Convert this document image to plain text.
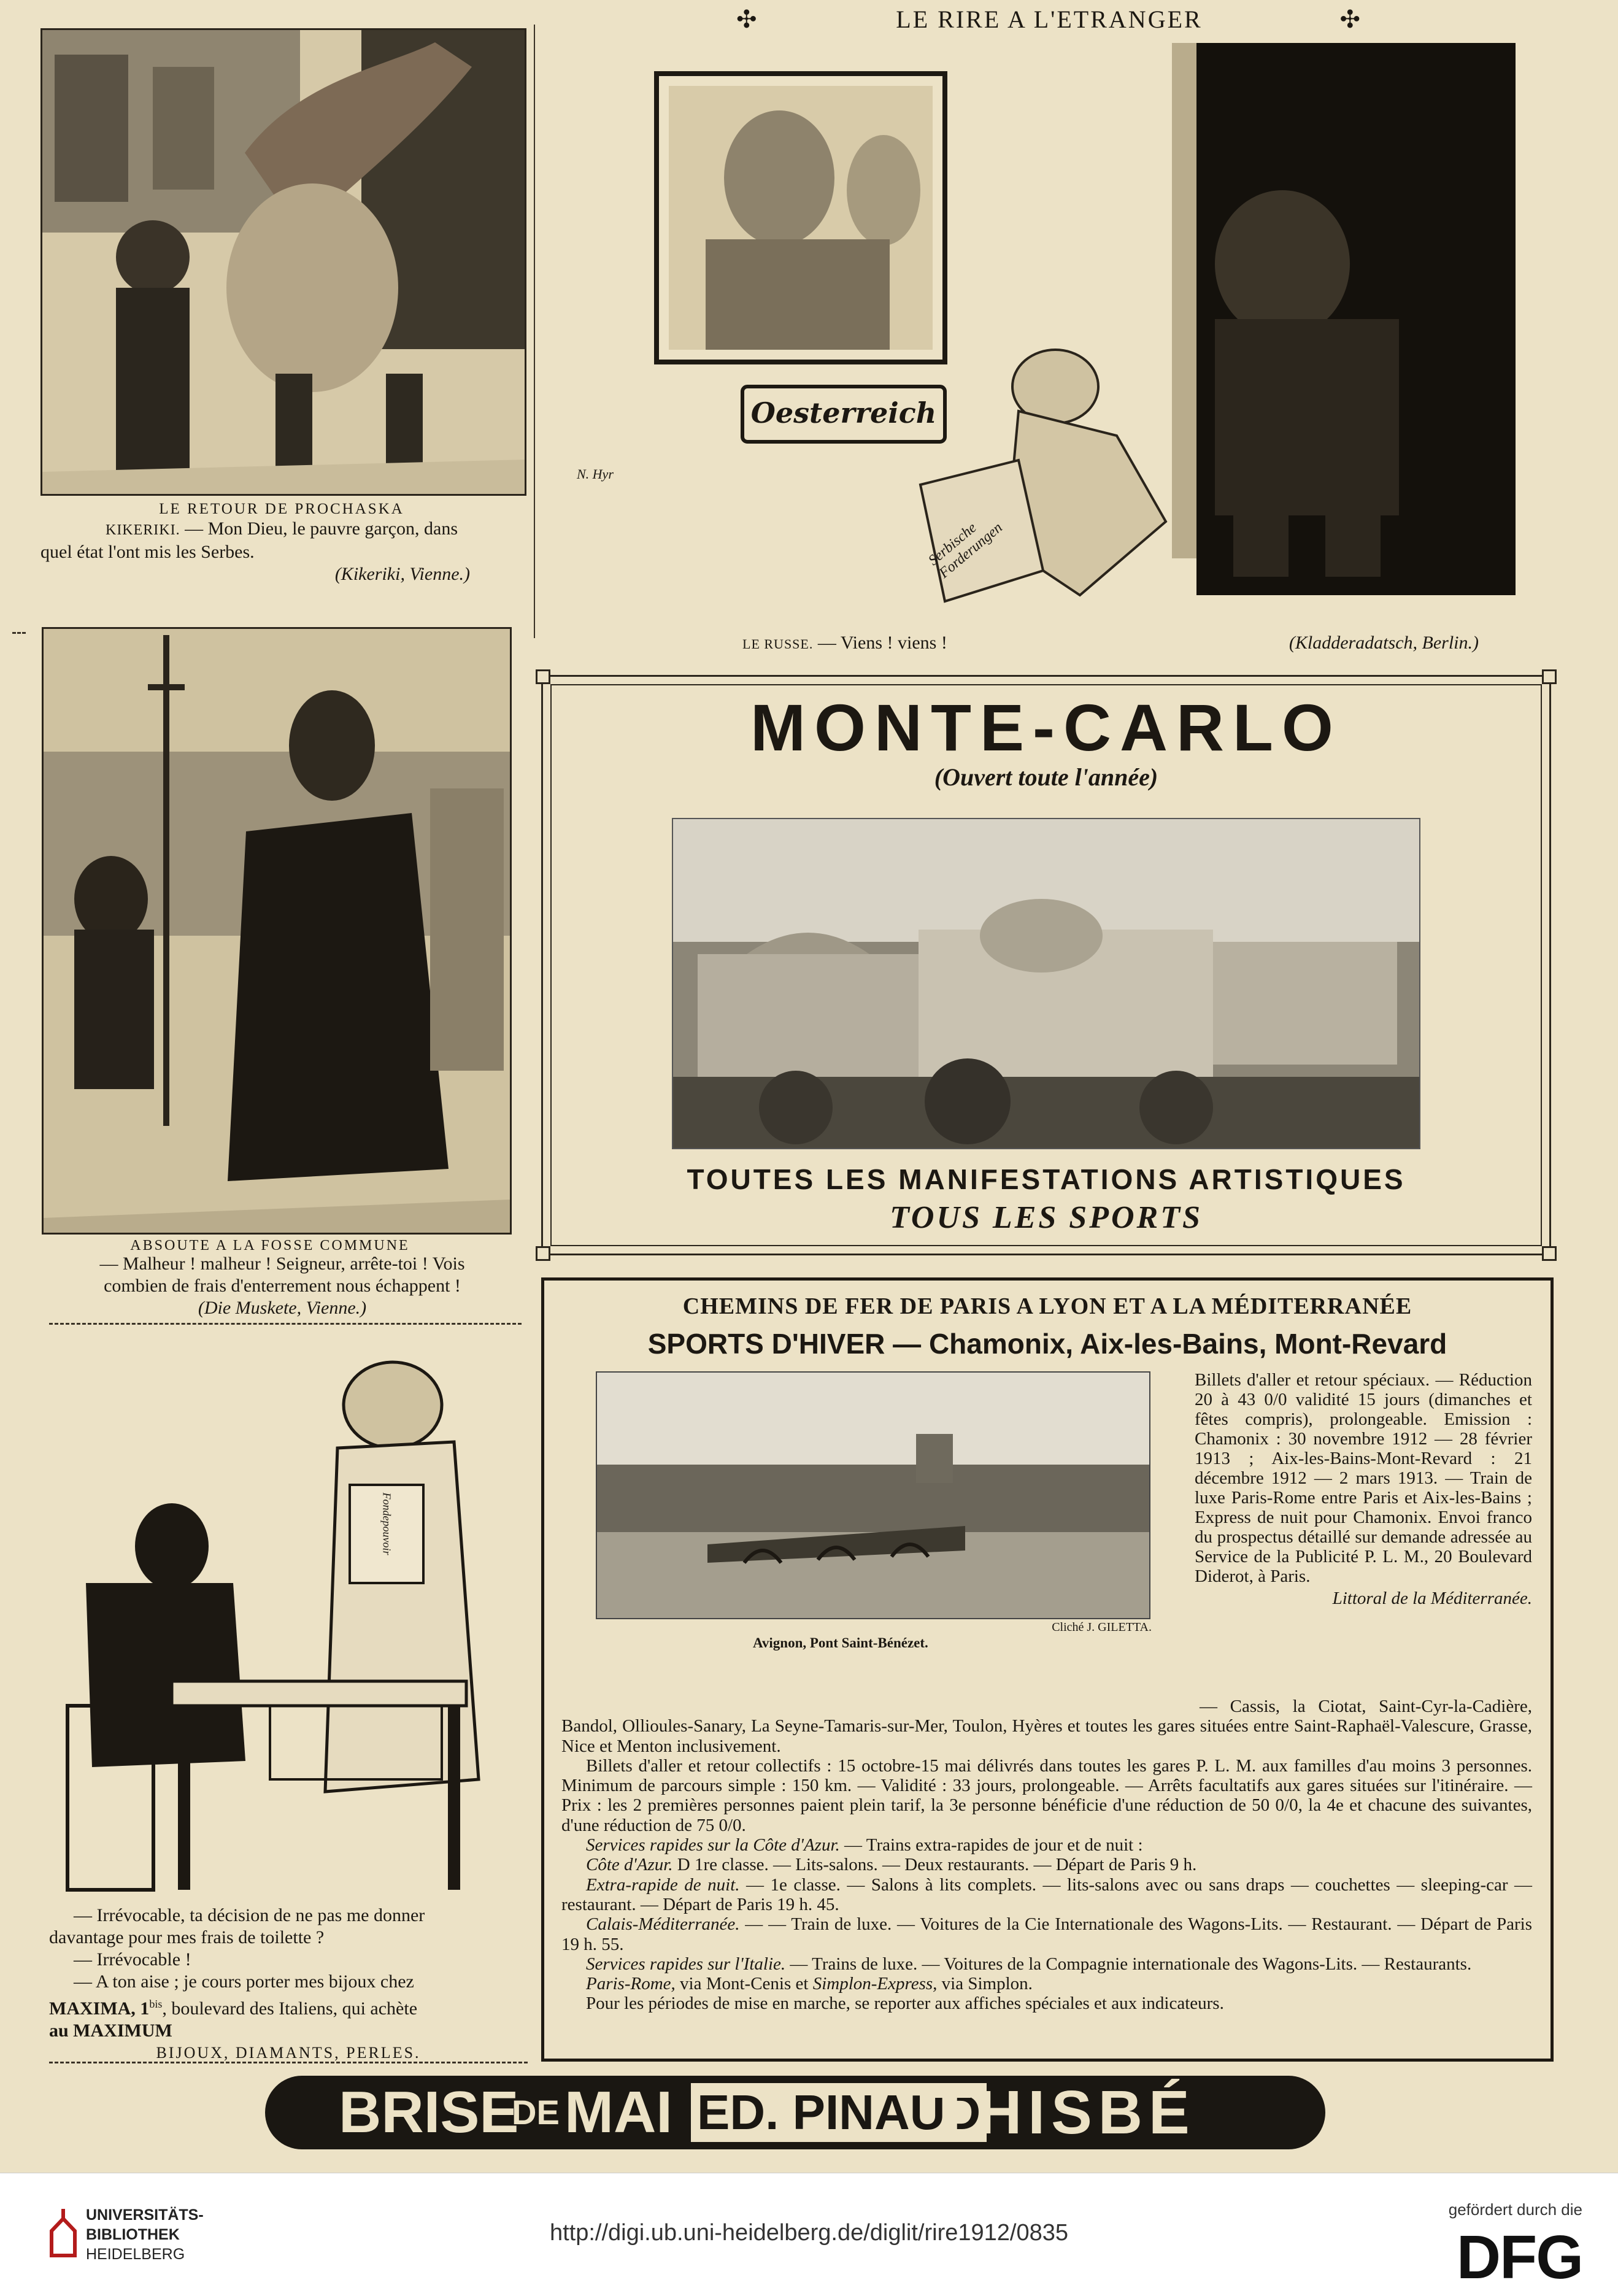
✣	LE RIRE A L'ETRANGER	✣
LE RETOUR DE PROCHASKA
KIKERIKI. — Mon Dieu, le pauvre garçon, dans
quel état l'ont mis les Serbes.
(Kikeriki, Vienne.)
Oesterreich
Serbische Forderungen
N. Hyr
LE RUSSE. — Viens ! viens !	(Kladderadatsch, Berlin.)
ABSOUTE A LA FOSSE COMMUNE
— Malheur ! malheur ! Seigneur, arrête-toi ! Vois
combien de frais d'enterrement nous échappent !
(Die Muskete, Vienne.)
Fondepouvoir
— Irrévocable, ta décision de ne pas me donner
davantage pour mes frais de toilette ?
— Irrévocable !
— A ton aise ; je cours porter mes bijoux chez
MAXIMA, $1^{bis}$, boulevard des Italiens, qui achète
au MAXIMUM
BIJOUX, DIAMANTS, PERLES.
MONTE-CARLO
(Ouvert toute l'année)
TOUTES LES MANIFESTATIONS ARTISTIQUES
TOUS LES SPORTS
CHEMINS DE FER DE PARIS A LYON ET A LA MÉDITERRANÉE
SPORTS D'HIVER — Chamonix, Aix-les-Bains, Mont-Revard
Cliché J. GILETTA.
Avignon, Pont Saint-Bénézet.
Billets d'aller et retour spéciaux. — Réduction 20 à 43 0/0 validité 15 jours (dimanches et fêtes compris), prolongeable. Emission : Chamonix : 30 novembre 1912 — 28 février 1913 ; Aix-les-Bains-Mont-Revard : 21 décembre 1912 — 2 mars 1913. — Train de luxe Paris-Rome entre Paris et Aix-les-Bains ; Express de nuit pour Chamonix. Envoi franco du prospectus détaillé sur demande adressée au Service de la Publicité P. L. M., 20 Boulevard Diderot, à Paris.
Littoral de la Méditerranée.

— Cassis, la Ciotat, Saint-Cyr-la-Cadière, Bandol, Ollioules-Sanary, La Seyne-Tamaris-sur-Mer, Toulon, Hyères et toutes les gares situées entre Saint-Raphaël-Valescure, Grasse, Nice et Menton inclusivement.

Billets d'aller et retour collectifs : 15 octobre-15 mai délivrés dans toutes les gares P. L. M. aux familles d'au moins 3 personnes. Minimum de parcours simple : 150 km. — Validité : 33 jours, prolongeable. — Arrêts facultatifs aux gares situées sur l'itinéraire. — Prix : les 2 premières personnes paient plein tarif, la 3e personne bénéficie d'une réduction de 50 0/0, la 4e et chacune des suivantes, d'une réduction de 75 0/0.

Services rapides sur la Côte d'Azur. — Trains extra-rapides de jour et de nuit :

Côte d'Azur. D 1re classe. — Lits-salons. — Deux restaurants. — Départ de Paris 9 h.

Extra-rapide de nuit. — 1e classe. — Salons à lits complets. — lits-salons avec ou sans draps — couchettes — sleeping-car — restaurant. — Départ de Paris 19 h. 45.

Calais-Méditerranée. — — Train de luxe. — Voitures de la Cie Internationale des Wagons-Lits. — Restaurant. — Départ de Paris 19 h. 55.

Services rapides sur l'Italie. — Trains de luxe. — Voitures de la Compagnie internationale des Wagons-Lits. — Restaurants.

Paris-Rome, via Mont-Cenis et Simplon-Express, via Simplon.

Pour les périodes de mise en marche, se reporter aux affiches spéciales et aux indicateurs.

BRISE
DE MAI ED. PINAUD
THISBÉ
UNIVERSITÄTS-
BIBLIOTHEK
HEIDELBERG
http://digi.ub.uni-heidelberg.de/diglit/rire1912/0835
gefördert durch die
DFG
